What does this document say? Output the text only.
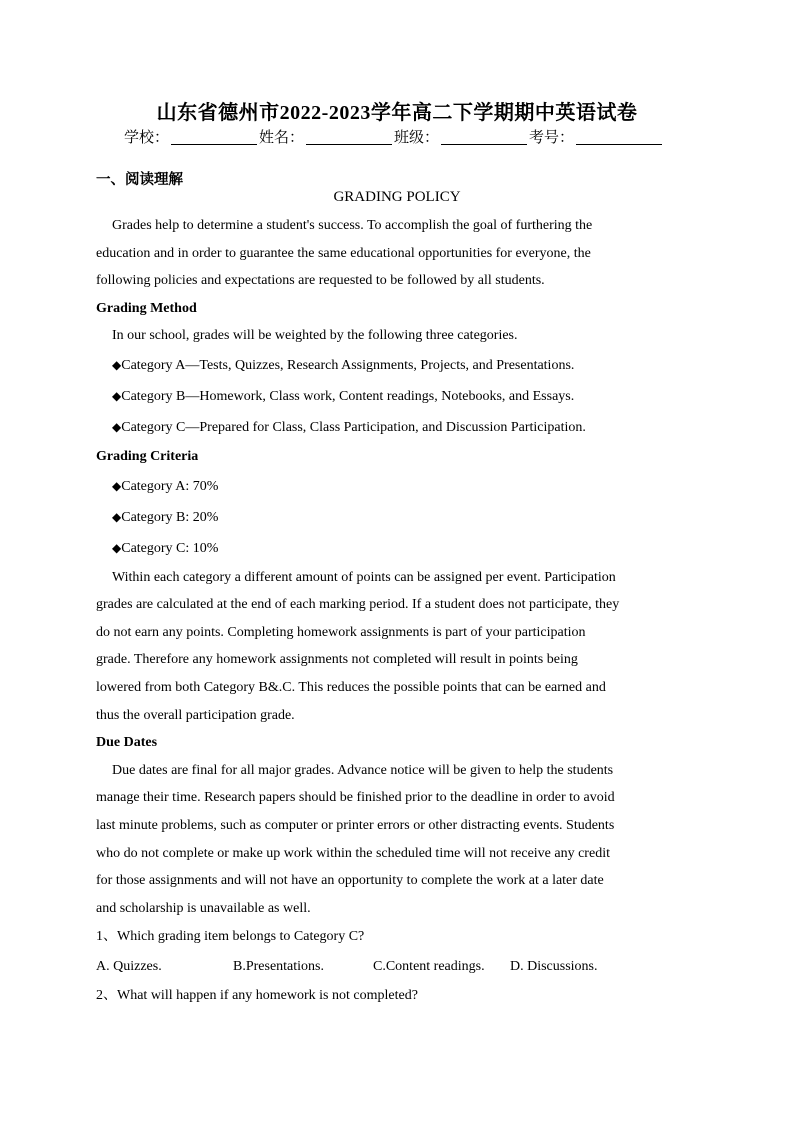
山东省德州市2022-2023学年高二下学期期中英语试卷
学校：	姓名：	班级：	考号：
一、阅读理解
GRADING POLICY
Grades help to determine a student's success. To accomplish the goal of furthering the
education and in order to guarantee the same educational opportunities for everyone, the
following policies and expectations are requested to be followed by all students.
Grading Method
In our school, grades will be weighted by the following three categories.
◆Category A—Tests, Quizzes, Research Assignments, Projects, and Presentations.
◆Category B—Homework, Class work, Content readings, Notebooks, and Essays.
◆Category C—Prepared for Class, Class Participation, and Discussion Participation.
Grading Criteria
◆Category A: 70%
◆Category B: 20%
◆Category C: 10%
Within each category a different amount of points can be assigned per event. Participation
grades are calculated at the end of each marking period. If a student does not participate, they
do not earn any points. Completing homework assignments is part of your participation
grade. Therefore any homework assignments not completed will result in points being
lowered from both Category B&.C. This reduces the possible points that can be earned and
thus the overall participation grade.
Due Dates
Due dates are final for all major grades. Advance notice will be given to help the students
manage their time. Research papers should be finished prior to the deadline in order to avoid
last minute problems, such as computer or printer errors or other distracting events. Students
who do not complete or make up work within the scheduled time will not receive any credit
for those assignments and will not have an opportunity to complete the work at a later date
and scholarship is unavailable as well.
1、Which grading item belongs to Category C?
A. Quizzes.	B.Presentations.	C.Content readings. D. Discussions.
2、What will happen if any homework is not completed?
